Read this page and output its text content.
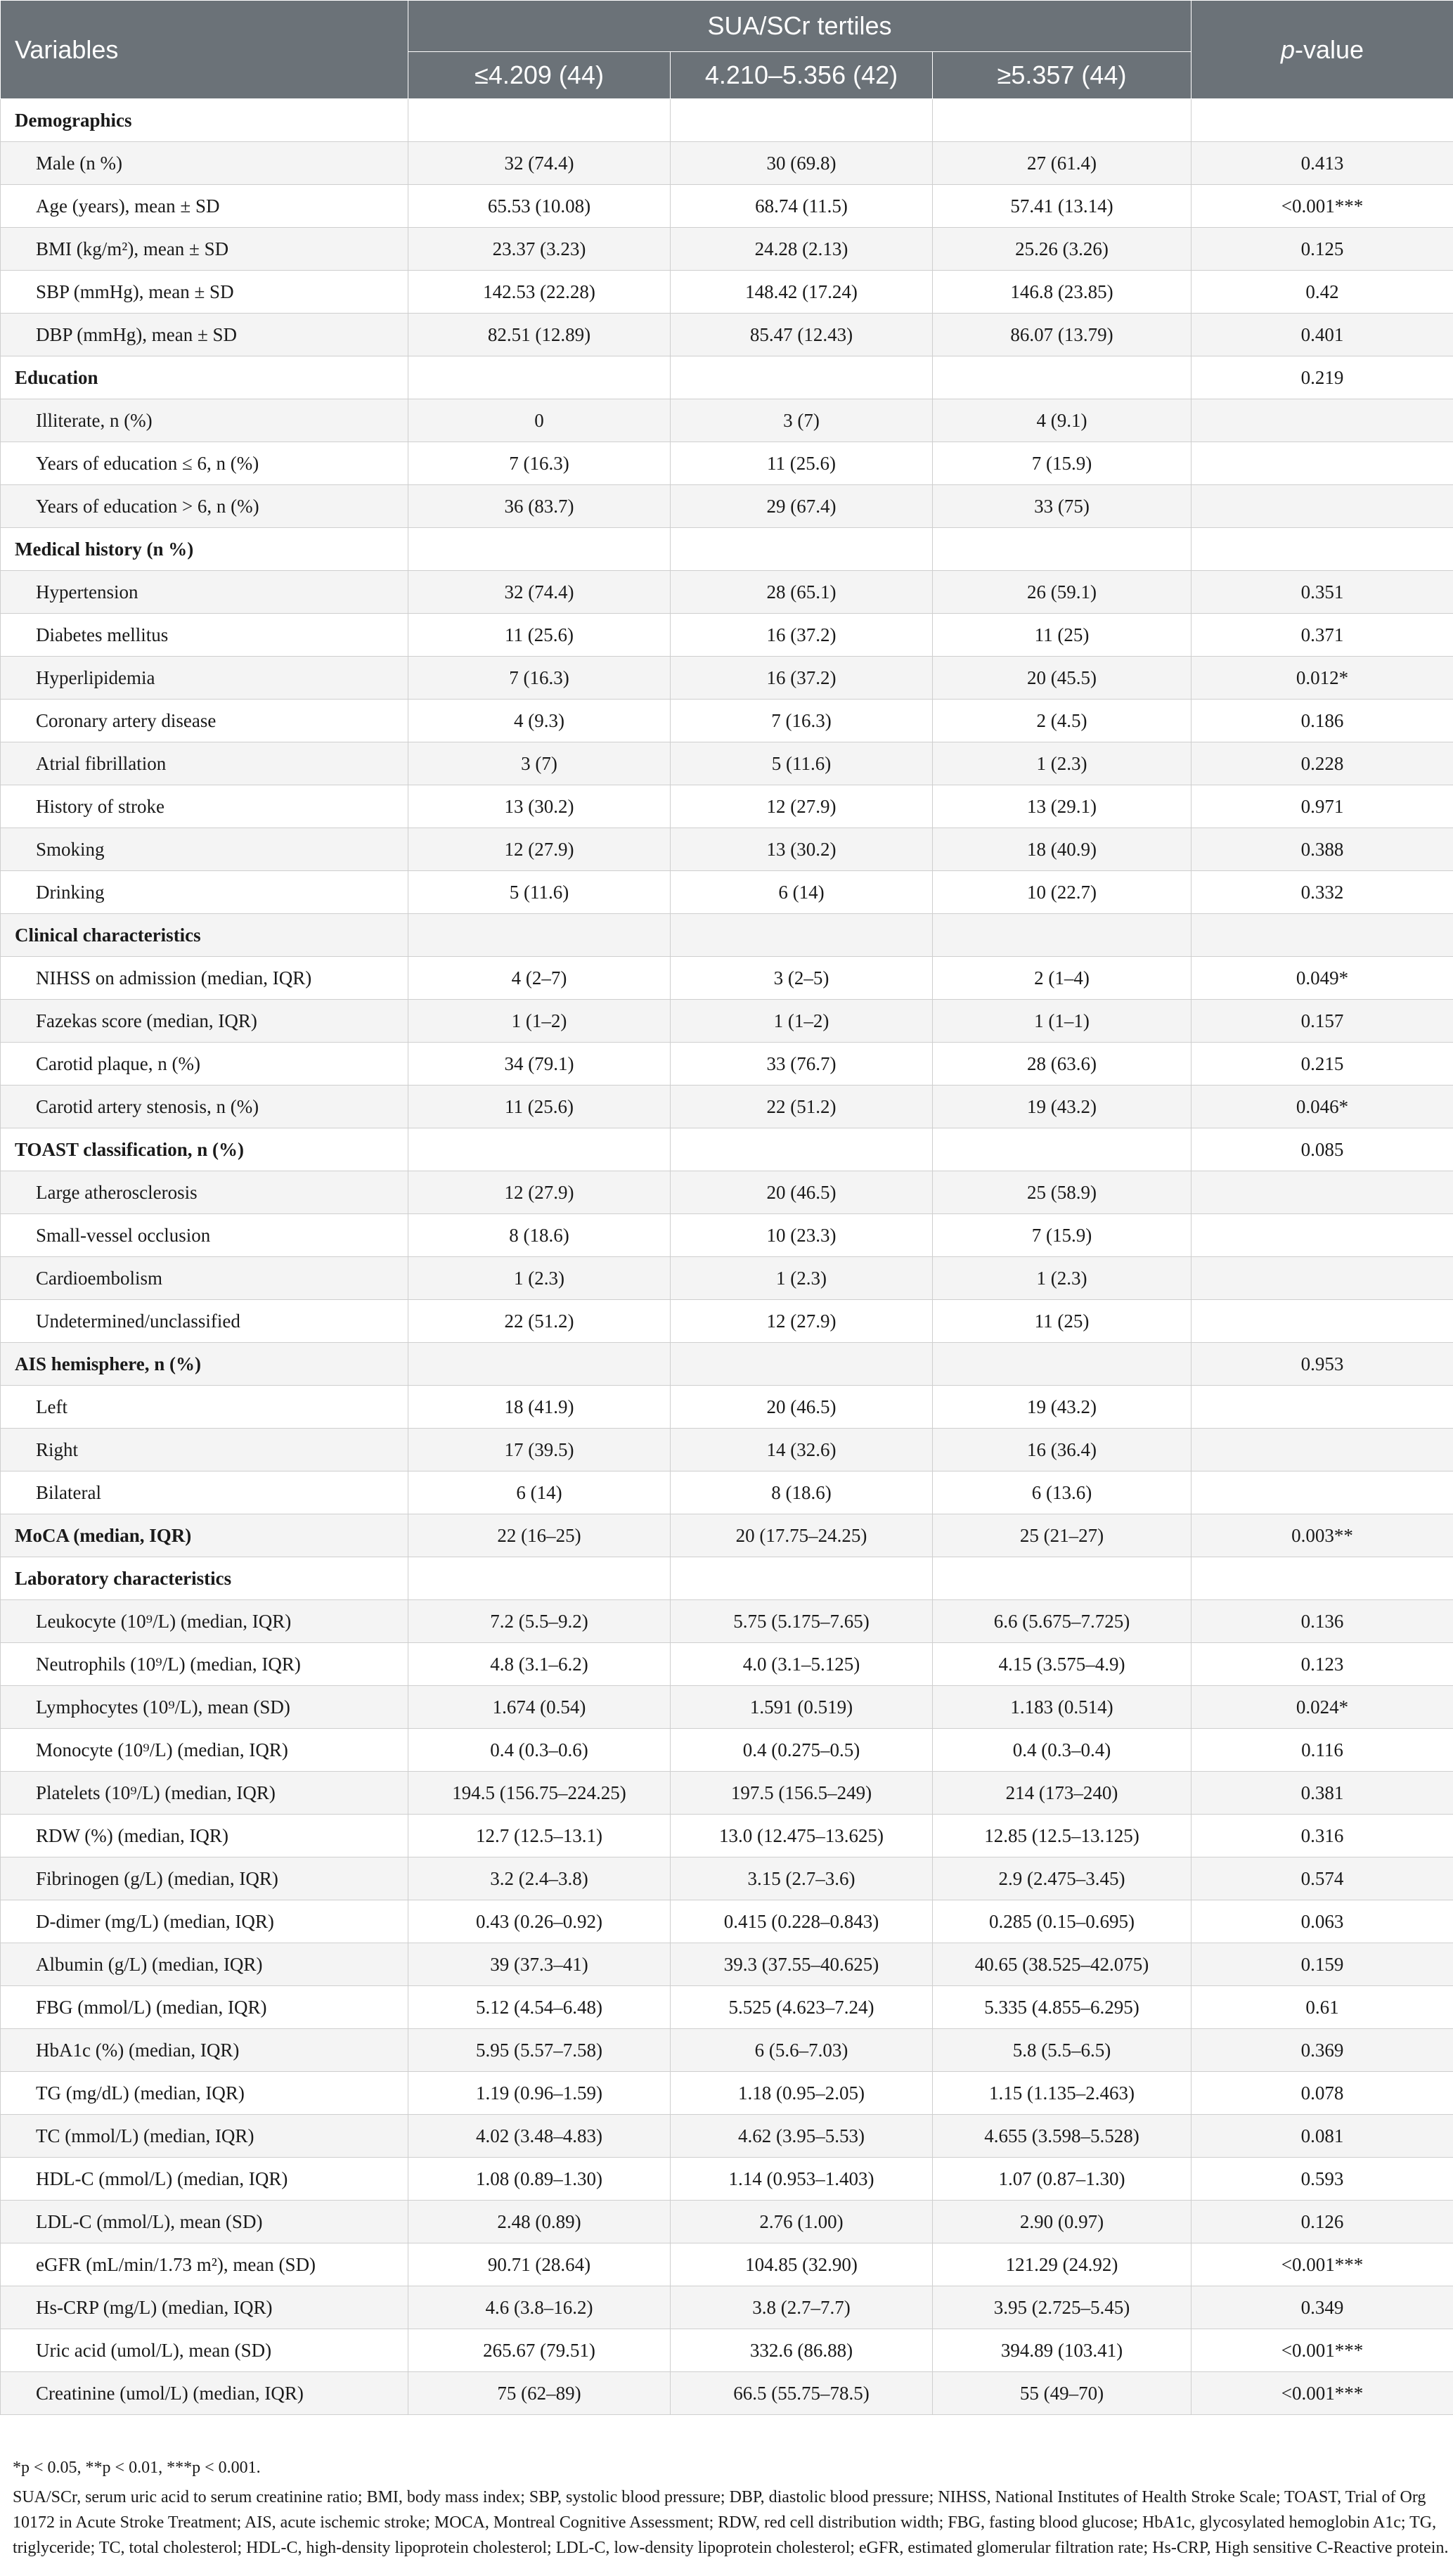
Variables	SUA/SCr tertiles			p-value
	≤4.209 (44)	4.210–5.356 (42)	≥5.357 (44)	
Demographics				
Male (n %)	32 (74.4)	30 (69.8)	27 (61.4)	0.413
Age (years), mean ± SD	65.53 (10.08)	68.74 (11.5)	57.41 (13.14)	<0.001***
BMI (kg/m²), mean ± SD	23.37 (3.23)	24.28 (2.13)	25.26 (3.26)	0.125
SBP (mmHg), mean ± SD	142.53 (22.28)	148.42 (17.24)	146.8 (23.85)	0.42
DBP (mmHg), mean ± SD	82.51 (12.89)	85.47 (12.43)	86.07 (13.79)	0.401
Education				0.219
Illiterate, n (%)	0	3 (7)	4 (9.1)	
Years of education ≤ 6, n (%)	7 (16.3)	11 (25.6)	7 (15.9)	
Years of education > 6, n (%)	36 (83.7)	29 (67.4)	33 (75)	
Medical history (n %)				
Hypertension	32 (74.4)	28 (65.1)	26 (59.1)	0.351
Diabetes mellitus	11 (25.6)	16 (37.2)	11 (25)	0.371
Hyperlipidemia	7 (16.3)	16 (37.2)	20 (45.5)	0.012*
Coronary artery disease	4 (9.3)	7 (16.3)	2 (4.5)	0.186
Atrial fibrillation	3 (7)	5 (11.6)	1 (2.3)	0.228
History of stroke	13 (30.2)	12 (27.9)	13 (29.1)	0.971
Smoking	12 (27.9)	13 (30.2)	18 (40.9)	0.388
Drinking	5 (11.6)	6 (14)	10 (22.7)	0.332
Clinical characteristics				
NIHSS on admission (median, IQR)	4 (2–7)	3 (2–5)	2 (1–4)	0.049*
Fazekas score (median, IQR)	1 (1–2)	1 (1–2)	1 (1–1)	0.157
Carotid plaque, n (%)	34 (79.1)	33 (76.7)	28 (63.6)	0.215
Carotid artery stenosis, n (%)	11 (25.6)	22 (51.2)	19 (43.2)	0.046*
TOAST classification, n (%)				0.085
Large atherosclerosis	12 (27.9)	20 (46.5)	25 (58.9)	
Small-vessel occlusion	8 (18.6)	10 (23.3)	7 (15.9)	
Cardioembolism	1 (2.3)	1 (2.3)	1 (2.3)	
Undetermined/unclassified	22 (51.2)	12 (27.9)	11 (25)	
AIS hemisphere, n (%)				0.953
Left	18 (41.9)	20 (46.5)	19 (43.2)	
Right	17 (39.5)	14 (32.6)	16 (36.4)	
Bilateral	6 (14)	8 (18.6)	6 (13.6)	
MoCA (median, IQR)	22 (16–25)	20 (17.75–24.25)	25 (21–27)	0.003**
Laboratory characteristics				
Leukocyte (10⁹/L) (median, IQR)	7.2 (5.5–9.2)	5.75 (5.175–7.65)	6.6 (5.675–7.725)	0.136
Neutrophils (10⁹/L) (median, IQR)	4.8 (3.1–6.2)	4.0 (3.1–5.125)	4.15 (3.575–4.9)	0.123
Lymphocytes (10⁹/L), mean (SD)	1.674 (0.54)	1.591 (0.519)	1.183 (0.514)	0.024*
Monocyte (10⁹/L) (median, IQR)	0.4 (0.3–0.6)	0.4 (0.275–0.5)	0.4 (0.3–0.4)	0.116
Platelets (10⁹/L) (median, IQR)	194.5 (156.75–224.25)	197.5 (156.5–249)	214 (173–240)	0.381
RDW (%) (median, IQR)	12.7 (12.5–13.1)	13.0 (12.475–13.625)	12.85 (12.5–13.125)	0.316
Fibrinogen (g/L) (median, IQR)	3.2 (2.4–3.8)	3.15 (2.7–3.6)	2.9 (2.475–3.45)	0.574
D-dimer (mg/L) (median, IQR)	0.43 (0.26–0.92)	0.415 (0.228–0.843)	0.285 (0.15–0.695)	0.063
Albumin (g/L) (median, IQR)	39 (37.3–41)	39.3 (37.55–40.625)	40.65 (38.525–42.075)	0.159
FBG (mmol/L) (median, IQR)	5.12 (4.54–6.48)	5.525 (4.623–7.24)	5.335 (4.855–6.295)	0.61
HbA1c (%) (median, IQR)	5.95 (5.57–7.58)	6 (5.6–7.03)	5.8 (5.5–6.5)	0.369
TG (mg/dL) (median, IQR)	1.19 (0.96–1.59)	1.18 (0.95–2.05)	1.15 (1.135–2.463)	0.078
TC (mmol/L) (median, IQR)	4.02 (3.48–4.83)	4.62 (3.95–5.53)	4.655 (3.598–5.528)	0.081
HDL-C (mmol/L) (median, IQR)	1.08 (0.89–1.30)	1.14 (0.953–1.403)	1.07 (0.87–1.30)	0.593
LDL-C (mmol/L), mean (SD)	2.48 (0.89)	2.76 (1.00)	2.90 (0.97)	0.126
eGFR (mL/min/1.73 m²), mean (SD)	90.71 (28.64)	104.85 (32.90)	121.29 (24.92)	<0.001***
Hs-CRP (mg/L) (median, IQR)	4.6 (3.8–16.2)	3.8 (2.7–7.7)	3.95 (2.725–5.45)	0.349
Uric acid (umol/L), mean (SD)	265.67 (79.51)	332.6 (86.88)	394.89 (103.41)	<0.001***
Creatinine (umol/L) (median, IQR)	75 (62–89)	66.5 (55.75–78.5)	55 (49–70)	<0.001***
*p < 0.05, **p < 0.01, ***p < 0.001.
SUA/SCr, serum uric acid to serum creatinine ratio; BMI, body mass index; SBP, systolic blood pressure; DBP, diastolic blood pressure; NIHSS, National Institutes of Health Stroke Scale; TOAST, Trial of Org 10172 in Acute Stroke Treatment; AIS, acute ischemic stroke; MOCA, Montreal Cognitive Assessment; RDW, red cell distribution width; FBG, fasting blood glucose; HbA1c, glycosylated hemoglobin A1c; TG, triglyceride; TC, total cholesterol; HDL-C, high-density lipoprotein cholesterol; LDL-C, low-density lipoprotein cholesterol; eGFR, estimated glomerular filtration rate; Hs-CRP, High sensitive C-Reactive protein.
